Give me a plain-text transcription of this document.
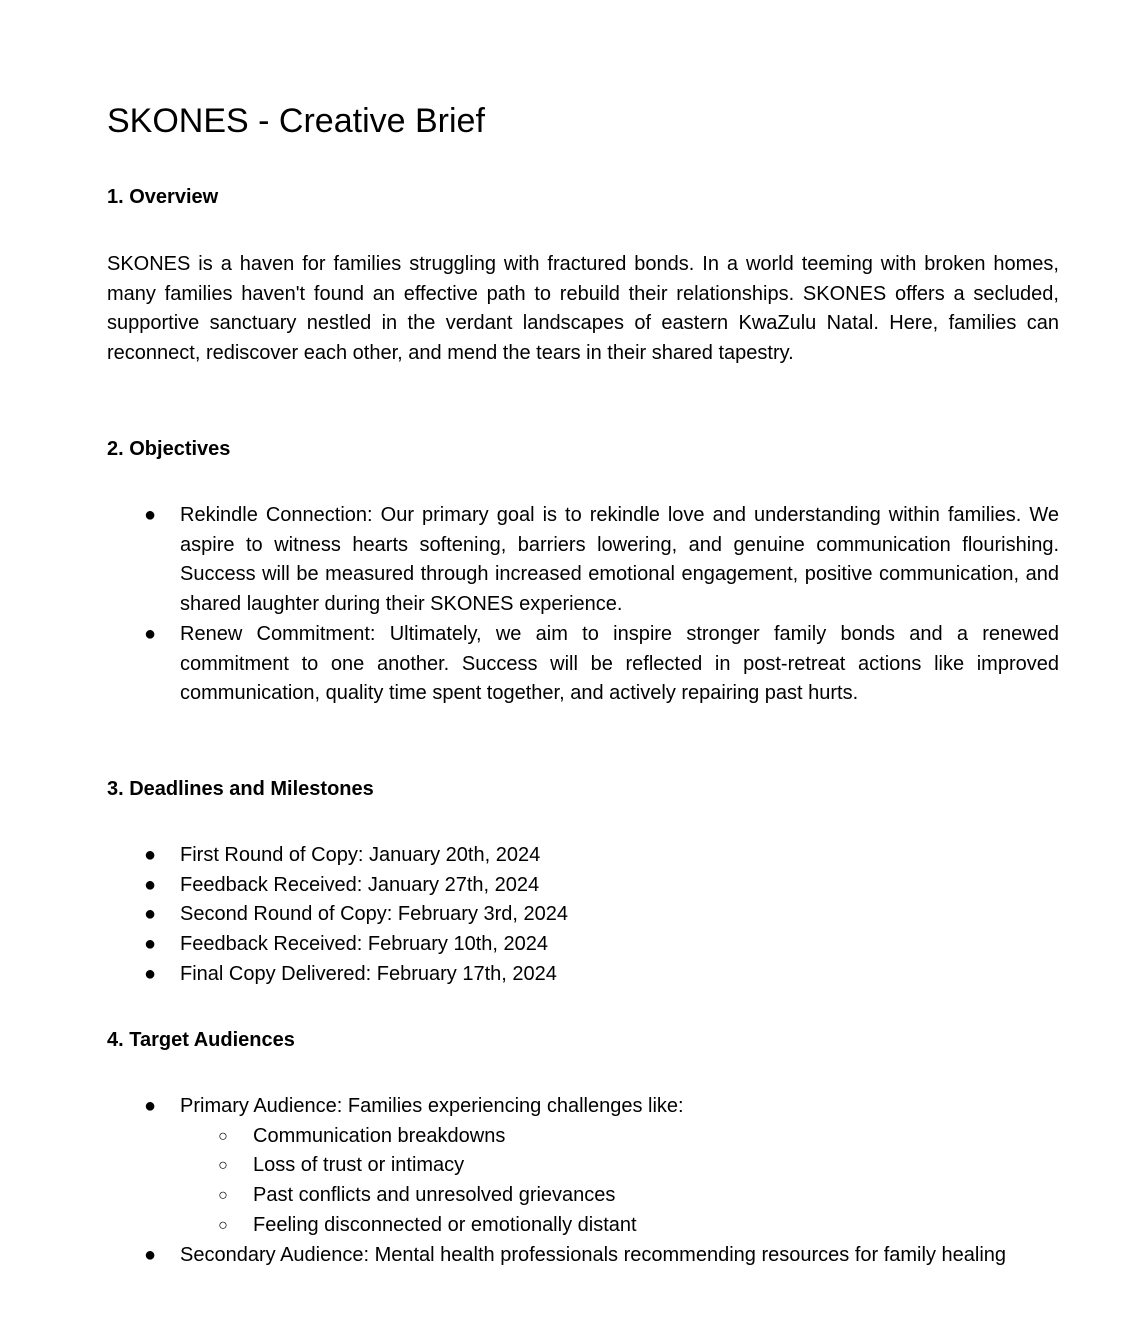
SKONES - Creative Brief
1. Overview

SKONES is a haven for families struggling with fractured bonds. In a world teeming with broken homes, many families haven't found an effective path to rebuild their relationships. SKONES offers a secluded, supportive sanctuary nestled in the verdant landscapes of eastern KwaZulu Natal. Here, families can reconnect, rediscover each other, and mend the tears in their shared tapestry.

2. Objectives
● Rekindle Connection: Our primary goal is to rekindle love and understanding within families. We aspire to witness hearts softening, barriers lowering, and genuine communication flourishing. Success will be measured through increased emotional engagement, positive communication, and shared laughter during their SKONES experience.
● Renew Commitment: Ultimately, we aim to inspire stronger family bonds and a renewed commitment to one another. Success will be reflected in post-retreat actions like improved communication, quality time spent together, and actively repairing past hurts.
3. Deadlines and Milestones
● First Round of Copy: January 20th, 2024
● Feedback Received: January 27th, 2024
● Second Round of Copy: February 3rd, 2024
● Feedback Received: February 10th, 2024
● Final Copy Delivered: February 17th, 2024
4. Target Audiences
● Primary Audience: Families experiencing challenges like:
○ Communication breakdowns
○ Loss of trust or intimacy
○ Past conflicts and unresolved grievances
○ Feeling disconnected or emotionally distant
● Secondary Audience: Mental health professionals recommending resources for family healing
